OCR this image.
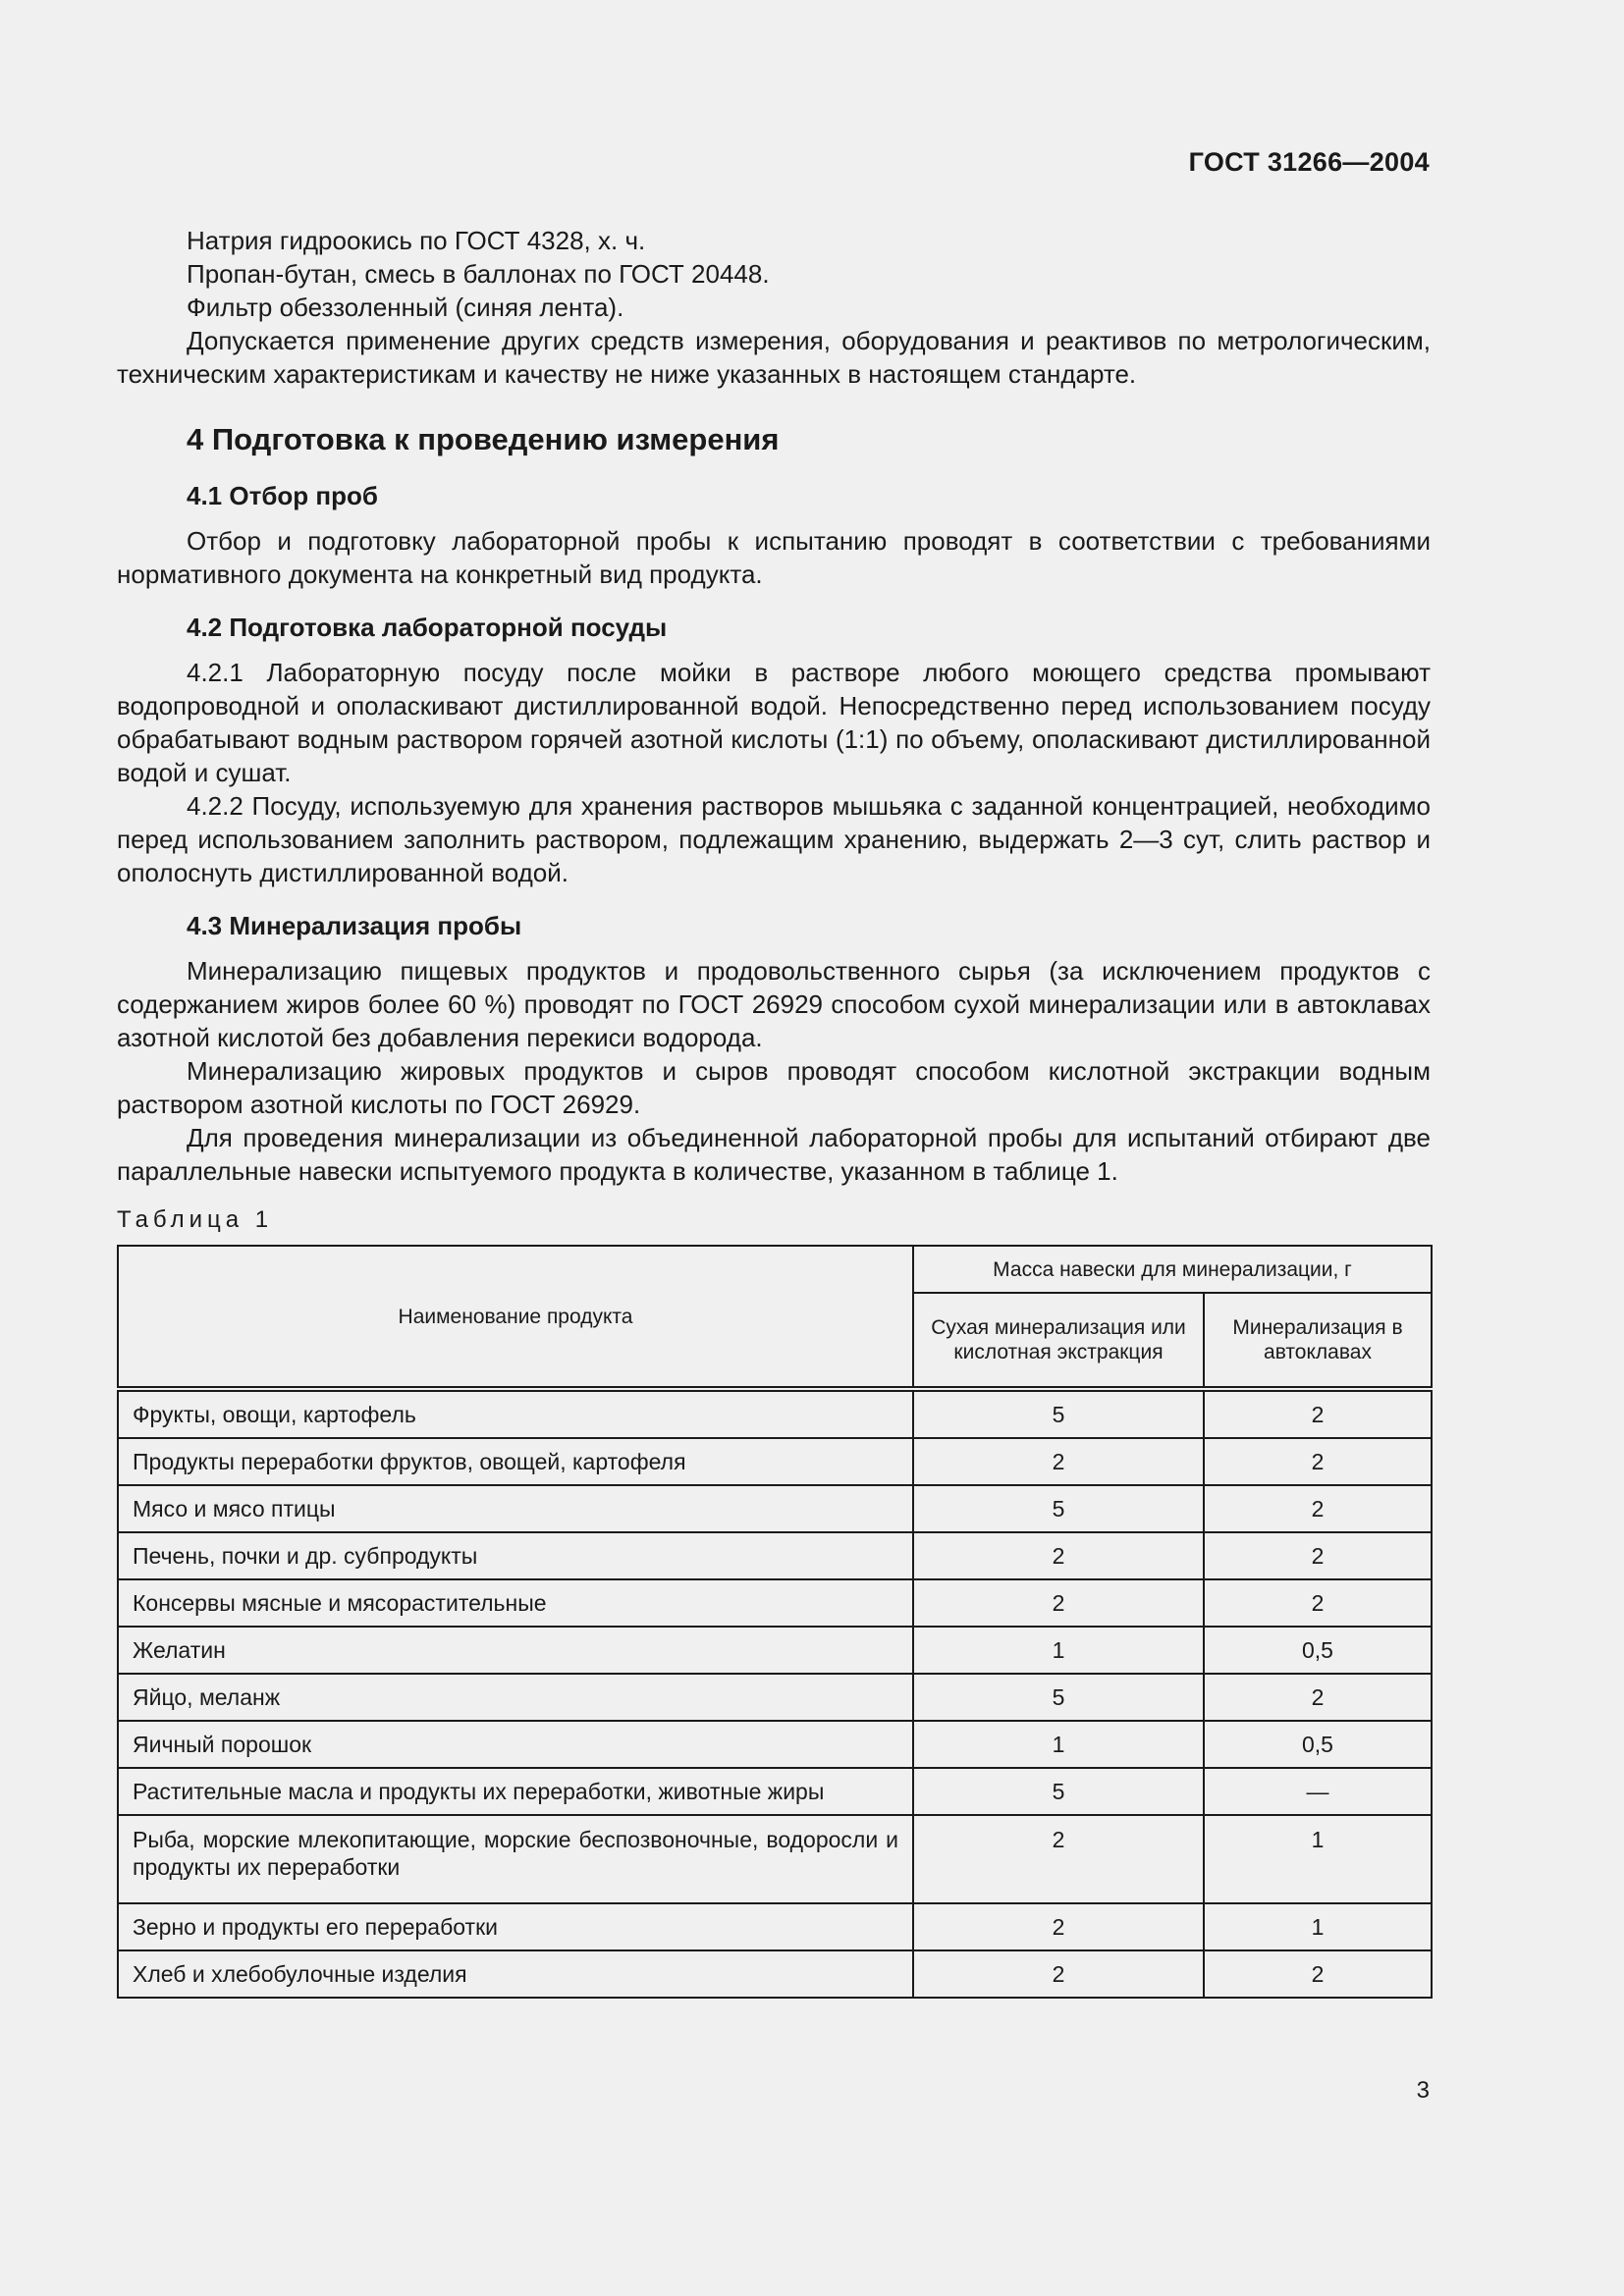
ГОСТ 31266—2004

Натрия гидроокись по ГОСТ 4328, х. ч.

Пропан-бутан, смесь в баллонах по ГОСТ 20448.

Фильтр обеззоленный (синяя лента).

Допускается применение других средств измерения, оборудования и реактивов по метрологическим, техническим характеристикам и качеству не ниже указанных в настоящем стандарте.

4 Подготовка к проведению измерения
4.1 Отбор проб

Отбор и подготовку лабораторной пробы к испытанию проводят в соответствии с требованиями нормативного документа на конкретный вид продукта.

4.2 Подготовка лабораторной посуды

4.2.1 Лабораторную посуду после мойки в растворе любого моющего средства промывают водопроводной и ополаскивают дистиллированной водой. Непосредственно перед использованием посуду обрабатывают водным раствором горячей азотной кислоты (1:1) по объему, ополаскивают дистиллированной водой и сушат.

4.2.2 Посуду, используемую для хранения растворов мышьяка с заданной концентрацией, необходимо перед использованием заполнить раствором, подлежащим хранению, выдержать 2—3 сут, слить раствор и ополоснуть дистиллированной водой.

4.3 Минерализация пробы

Минерализацию пищевых продуктов и продовольственного сырья (за исключением продуктов с содержанием жиров более 60 %) проводят по ГОСТ 26929 способом сухой минерализации или в автоклавах азотной кислотой без добавления перекиси водорода.

Минерализацию жировых продуктов и сыров проводят способом кислотной экстракции водным раствором азотной кислоты по ГОСТ 26929.

Для проведения минерализации из объединенной лабораторной пробы для испытаний отбирают две параллельные навески испытуемого продукта в количестве, указанном в таблице 1.

Таблица 1
Наименование продукта	Масса навески для минерализации, г	
	Сухая минерализация или кислотная экстракция	Минерализация в автоклавах
Фрукты, овощи, картофель	5	2
Продукты переработки фруктов, овощей, картофеля	2	2
Мясо и мясо птицы	5	2
Печень, почки и др. субпродукты	2	2
Консервы мясные и мясорастительные	2	2
Желатин	1	0,5
Яйцо, меланж	5	2
Яичный порошок	1	0,5
Растительные масла и продукты их переработки, животные жиры	5	—
Рыба, морские млекопитающие, морские беспозвоночные, водоросли и продукты их переработки	2	1
Зерно и продукты его переработки	2	1
Хлеб и хлебобулочные изделия	2	2
3
